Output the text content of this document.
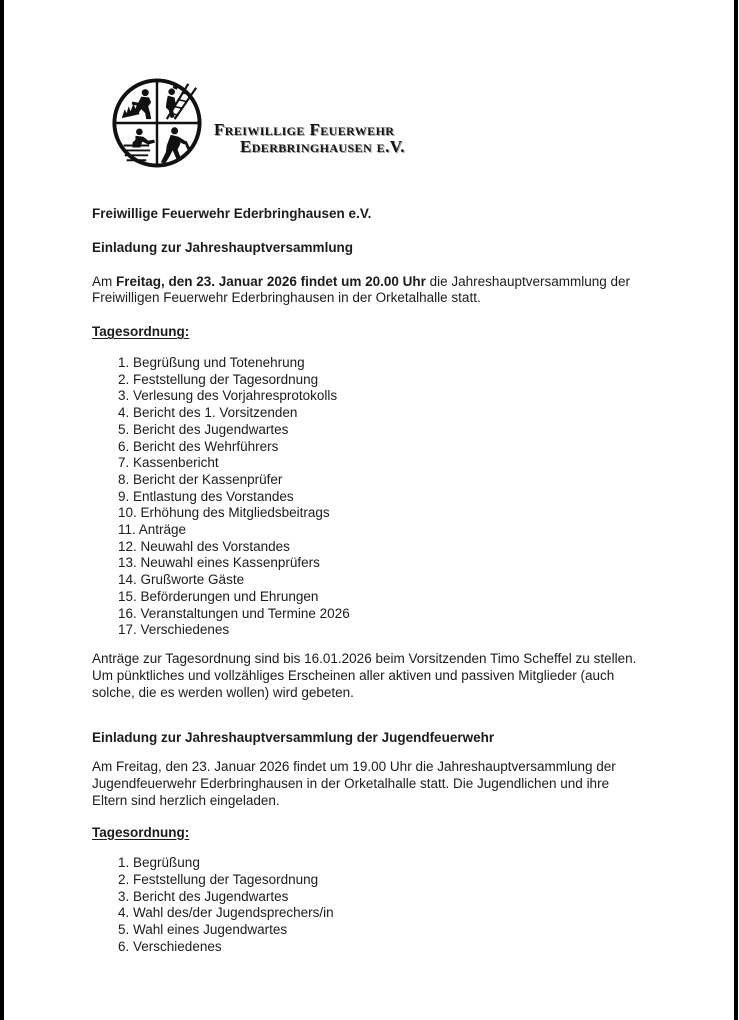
Freiwillige Feuerwehr
Ederbringhausen e.V.
Freiwillige Feuerwehr Ederbringhausen e.V.
Einladung zur Jahreshauptversammlung
Am Freitag, den 23. Januar 2026 findet um 20.00 Uhr die Jahreshauptversammlung der Freiwilligen Feuerwehr Ederbringhausen in der Orketalhalle statt.
Tagesordnung:
Begrüßung und Totenehrung
Feststellung der Tagesordnung
Verlesung des Vorjahresprotokolls
Bericht des 1. Vorsitzenden
Bericht des Jugendwartes
Bericht des Wehrführers
Kassenbericht
Bericht der Kassenprüfer
Entlastung des Vorstandes
Erhöhung des Mitgliedsbeitrags
Anträge
Neuwahl des Vorstandes
Neuwahl eines Kassenprüfers
Grußworte Gäste
Beförderungen und Ehrungen
Veranstaltungen und Termine 2026
Verschiedenes
Anträge zur Tagesordnung sind bis 16.01.2026 beim Vorsitzenden Timo Scheffel zu stellen. Um pünktliches und vollzähliges Erscheinen aller aktiven und passiven Mitglieder (auch solche, die es werden wollen) wird gebeten.
Einladung zur Jahreshauptversammlung der Jugendfeuerwehr
Am Freitag, den 23. Januar 2026 findet um 19.00 Uhr die Jahreshauptversammlung der Jugendfeuerwehr Ederbringhausen in der Orketalhalle statt. Die Jugendlichen und ihre Eltern sind herzlich eingeladen.
Tagesordnung:
Begrüßung
Feststellung der Tagesordnung
Bericht des Jugendwartes
Wahl des/der Jugendsprechers/in
Wahl eines Jugendwartes
Verschiedenes
